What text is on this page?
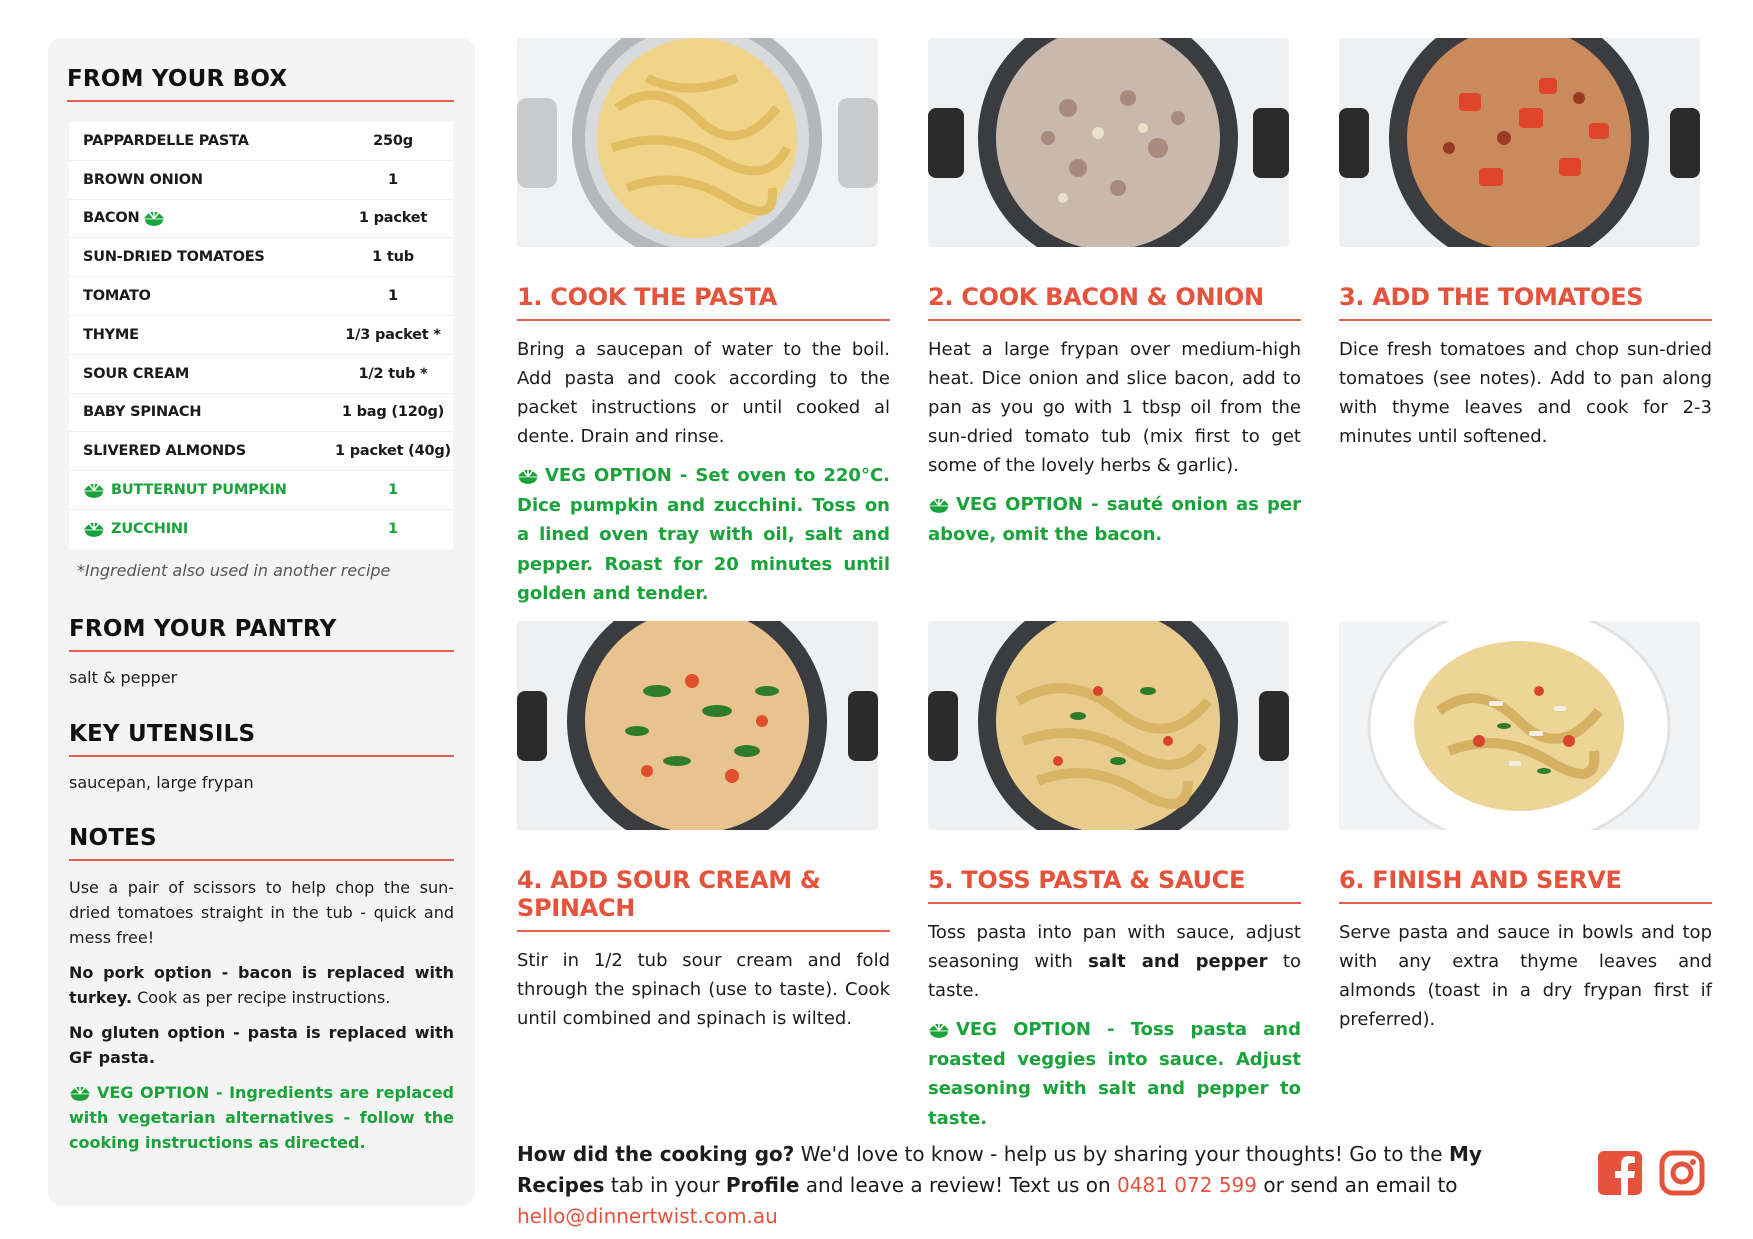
FROM YOUR BOX
PAPPARDELLE PASTA	250g
BROWN ONION	1
BACON	1 packet
SUN-DRIED TOMATOES	1 tub
TOMATO	1
THYME	1/3 packet *
SOUR CREAM	1/2 tub *
BABY SPINACH	1 bag (120g)
SLIVERED ALMONDS	1 packet (40g)
BUTTERNUT PUMPKIN	1
ZUCCHINI	1
*Ingredient also used in another recipe
FROM YOUR PANTRY
salt & pepper
KEY UTENSILS
saucepan, large frypan
NOTES

Use a pair of scissors to help chop the sun-dried tomatoes straight in the tub - quick and mess free!

No pork option - bacon is replaced with turkey. Cook as per recipe instructions.

No gluten option - pasta is replaced with GF pasta.

VEG OPTION - Ingredients are replaced with vegetarian alternatives - follow the cooking instructions as directed.

1. COOK THE PASTA
Bring a saucepan of water to the boil. Add pasta and cook according to the packet instructions or until cooked al dente. Drain and rinse.
VEG OPTION - Set oven to 220°C. Dice pumpkin and zucchini. Toss on a lined oven tray with oil, salt and pepper. Roast for 20 minutes until golden and tender.
2. COOK BACON & ONION
Heat a large frypan over medium-high heat. Dice onion and slice bacon, add to pan as you go with 1 tbsp oil from the sun-dried tomato tub (mix first to get some of the lovely herbs & garlic).
VEG OPTION - sauté onion as per above, omit the bacon.
3. ADD THE TOMATOES
Dice fresh tomatoes and chop sun-dried tomatoes (see notes). Add to pan along with thyme leaves and cook for 2-3 minutes until softened.
4. ADD SOUR CREAM & SPINACH
Stir in 1/2 tub sour cream and fold through the spinach (use to taste). Cook until combined and spinach is wilted.
5. TOSS PASTA & SAUCE
Toss pasta into pan with sauce, adjust seasoning with salt and pepper to taste.
VEG OPTION - Toss pasta and roasted veggies into sauce. Adjust seasoning with salt and pepper to taste.
6. FINISH AND SERVE
Serve pasta and sauce in bowls and top with any extra thyme leaves and almonds (toast in a dry frypan first if preferred).
How did the cooking go? We'd love to know - help us by sharing your thoughts! Go to the My Recipes tab in your Profile and leave a review! Text us on 0481 072 599 or send an email to hello@dinnertwist.com.au
